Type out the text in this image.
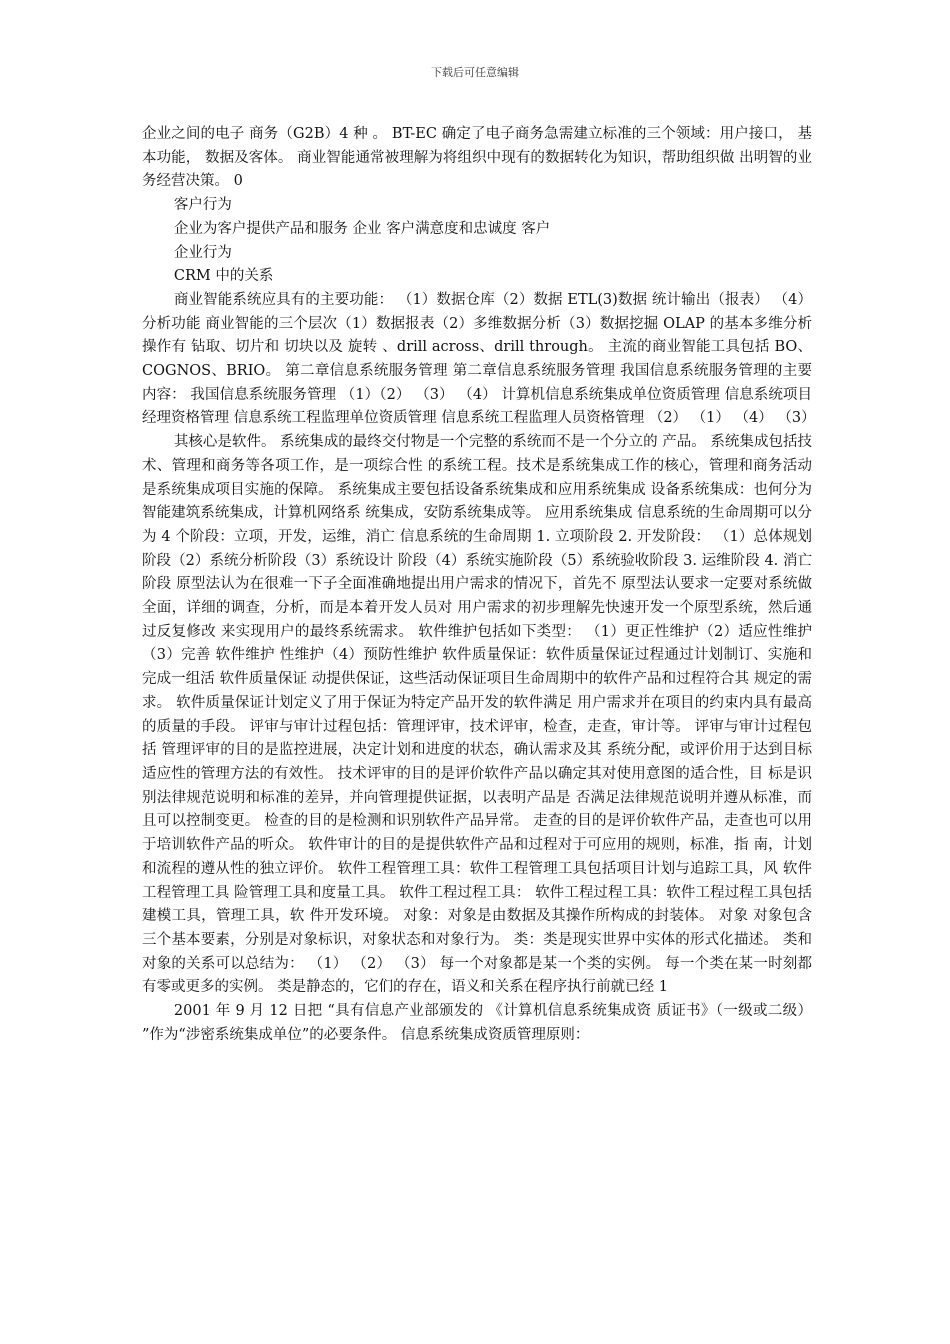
下载后可任意编辑

企业之间的电子 商务（G2B）4 种 。 BT-EC 确定了电子商务急需建立标准的三个领域：用户接口， 基本功能， 数据及客体。 商业智能通常被理解为将组织中现有的数据转化为知识，帮助组织做 出明智的业务经营决策。 0

客户行为

企业为客户提供产品和服务 企业 客户满意度和忠诚度 客户

企业行为

CRM 中的关系

商业智能系统应具有的主要功能： （1）数据仓库（2）数据 ETL(3)数据 统计输出（报表） （4）分析功能 商业智能的三个层次（1）数据报表（2）多维数据分析（3）数据挖掘 OLAP 的基本多维分析操作有 钻取、切片和 切块以及 旋转 、drill across、drill through。 主流的商业智能工具包括 BO、COGNOS、BRIO。 第二章信息系统服务管理 第二章信息系统服务管理 我国信息系统服务管理的主要内容： 我国信息系统服务管理 （1）（2） （3） （4） 计算机信息系统集成单位资质管理 信息系统项目经理资格管理 信息系统工程监理单位资质管理 信息系统工程监理人员资格管理 （2） （1） （4） （3）

其核心是软件。 系统集成的最终交付物是一个完整的系统而不是一个分立的 产品。 系统集成包括技术、管理和商务等各项工作，是一项综合性 的系统工程。技术是系统集成工作的核心，管理和商务活动 是系统集成项目实施的保障。 系统集成主要包括设备系统集成和应用系统集成 设备系统集成：也何分为智能建筑系统集成，计算机网络系 统集成，安防系统集成等。 应用系统集成 信息系统的生命周期可以分为 4 个阶段：立项，开发，运维，消亡 信息系统的生命周期 1. 立项阶段 2. 开发阶段： （1）总体规划阶段（2）系统分析阶段（3）系统设计 阶段（4）系统实施阶段（5）系统验收阶段 3. 运维阶段 4. 消亡阶段 原型法认为在很难一下子全面准确地提出用户需求的情况下，首先不 原型法认要求一定要对系统做全面，详细的调查，分析，而是本着开发人员对 用户需求的初步理解先快速开发一个原型系统，然后通过反复修改 来实现用户的最终系统需求。 软件维护包括如下类型： （1）更正性维护（2）适应性维护（3）完善 软件维护 性维护（4）预防性维护 软件质量保证：软件质量保证过程通过计划制订、实施和完成一组活 软件质量保证 动提供保证，这些活动保证项目生命周期中的软件产品和过程符合其 规定的需求。 软件质量保证计划定义了用于保证为特定产品开发的软件满足 用户需求并在项目的约束内具有最高的质量的手段。 评审与审计过程包括：管理评审，技术评审，检查，走查，审计等。 评审与审计过程包括 管理评审的目的是监控进展，决定计划和进度的状态，确认需求及其 系统分配，或评价用于达到目标适应性的管理方法的有效性。 技术评审的目的是评价软件产品以确定其对使用意图的适合性，目 标是识别法律规范说明和标准的差异，并向管理提供证据，以表明产品是 否满足法律规范说明并遵从标准，而且可以控制变更。 检查的目的是检测和识别软件产品异常。 走查的目的是评价软件产品，走查也可以用于培训软件产品的听众。 软件审计的目的是提供软件产品和过程对于可应用的规则，标准，指 南，计划和流程的遵从性的独立评价。 软件工程管理工具：软件工程管理工具包括项目计划与追踪工具，风 软件工程管理工具 险管理工具和度量工具。 软件工程过程工具： 软件工程过程工具：软件工程过程工具包括建模工具，管理工具，软 件开发环境。 对象：对象是由数据及其操作所构成的封装体。 对象 对象包含三个基本要素，分别是对象标识，对象状态和对象行为。 类：类是现实世界中实体的形式化描述。 类和对象的关系可以总结为： （1） （2） （3） 每一个对象都是某一个类的实例。 每一个类在某一时刻都有零或更多的实例。 类是静态的，它们的存在，语义和关系在程序执行前就已经 1

2001 年 9 月 12 日把 “具有信息产业部颁发的 《计算机信息系统集成资 质证书》（一级或二级） ”作为“涉密系统集成单位”的必要条件。 信息系统集成资质管理原则：
